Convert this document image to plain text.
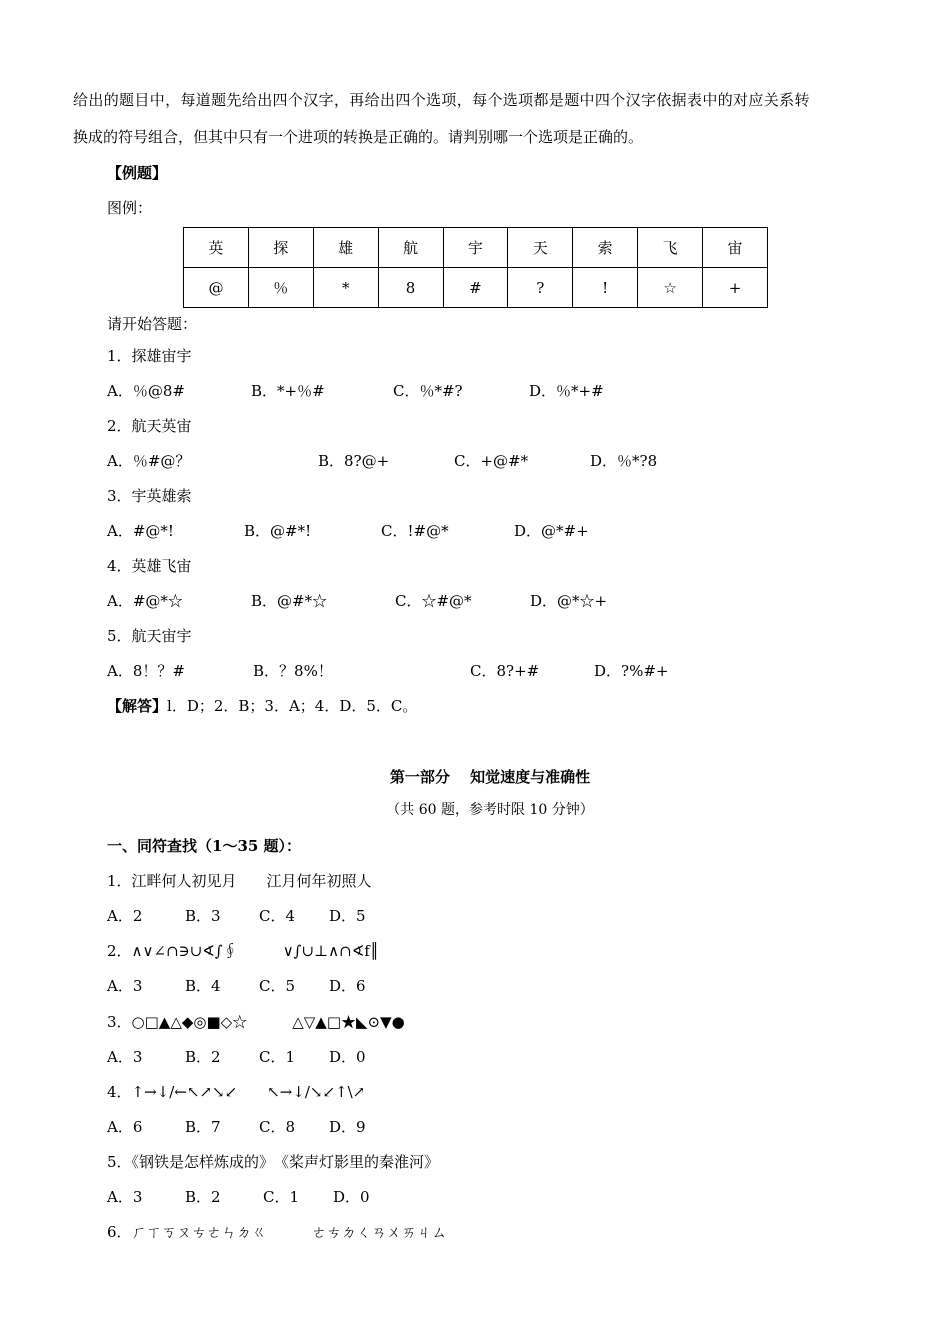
给出的题目中，每道题先给出四个汉字，再给出四个选项，每个选项都是题中四个汉字依据表中的对应关系转
换成的符号组合，但其中只有一个进项的转换是正确的。请判别哪一个选项是正确的。
【例题】
图例：
英	探	雄	航	宇	天	索	飞	宙
@	％	*	8	#	?	!	☆	+
请开始答题：
1．探雄宙宇
A．％@8#	B．*+％#	C．％*#?	D．％*+#
2．航天英宙
A．％#@？	B．8?@+	C．+@#*	D．％*?8
3．宇英雄索
A．#@*!	B．@#*!	C．!#@*	D．@*#+
4．英雄飞宙
A．#@*☆	B．@#*☆	C．☆#@*	D．@*☆+
5．航天宙宇
A．8！？#	B．？8%！	C．8?+#	D．?%#+
【解答】l．D；2．B；3．A；4．D．5．C。
第一部分　 知觉速度与准确性
（共 60 题，参考时限 10 分钟）
一、同符查找（1～35 题）：
1．江畔何人初见月　　江月何年初照人
A．2	B．3	C．4 D．5
2．∧∨∠∩∋∪∢∫∮　　　∨∫∪⊥∧∩∢f║
A．3	B．4	C．5 D．6
3．○□▲△◆◎■◇☆　　　△▽▲□★◣⊙▼●
A．3	B．2	C．1 D．0
4．↑→↓/←↖↗↘↙　　↖→↓/↘↙↑\↗
A．6	B．7	C．8 D．9
5．《钢铁是怎样炼成的》　《桨声灯影里的秦淮河》
A．3	B．2	C．1 D．0
6．ㄏㄒㄎㄡㄘㄜㄣㄉㄍ　　　ㄜㄘㄉㄑㄢㄨㄞㄐㄙ
